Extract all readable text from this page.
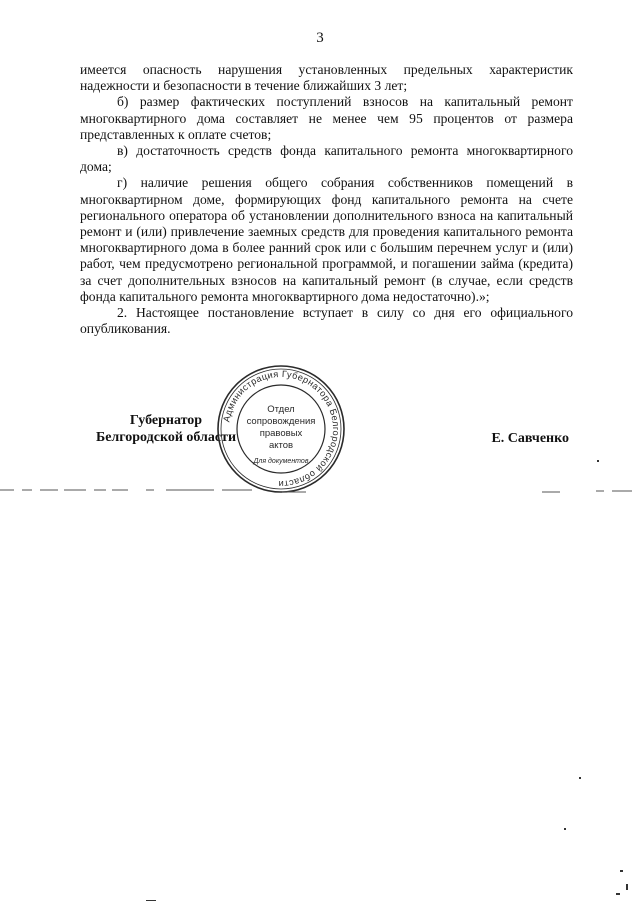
3

имеется опасность нарушения установленных предельных характеристик надежности и безопасности в течение ближайших 3 лет;

б) размер фактических поступлений взносов на капитальный ремонт многоквартирного дома составляет не менее чем 95 процентов от размера представленных к оплате счетов;

в) достаточность средств фонда капитального ремонта многоквартирного дома;

г) наличие решения общего собрания собственников помещений в многоквартирном доме, формирующих фонд капитального ремонта на счете регионального оператора об установлении дополнительного взноса на капитальный ремонт и (или) привлечение заемных средств для проведения капитального ремонта многоквартирного дома в более ранний срок или с большим перечнем услуг и (или) работ, чем предусмотрено региональной программой, и погашении займа (кредита) за счет дополнительных взносов на капитальный ремонт (в случае, если средств фонда капитального ремонта многоквартирного дома недостаточно).»;

2. Настоящее постановление вступает в силу со дня его официального опубликования.

Губернатор
Белгородской области	Е. Савченко
Администрация Губернатора Белгородской области
Отдел
сопровождения
правовых
актов
Для документов
